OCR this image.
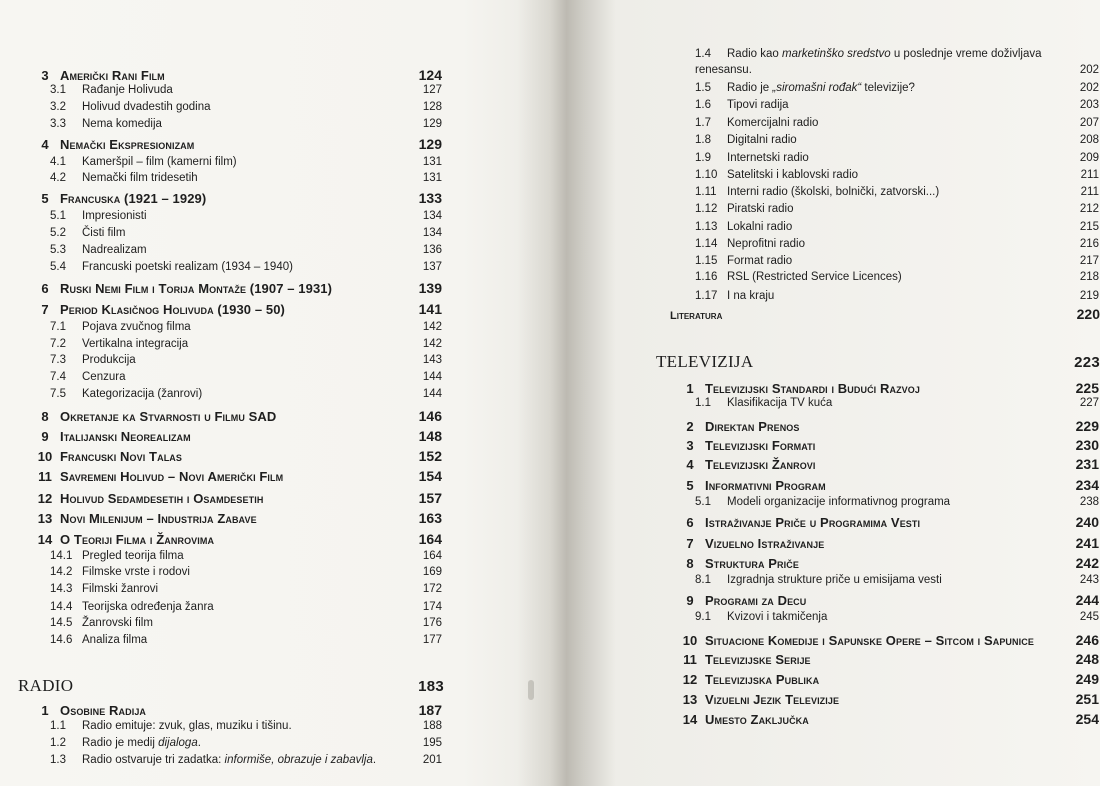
3 Američki Rani Film	124
3.1	Rađanje Holivuda	127
3.2	Holivud dvadestih godina	128
3.3	Nema komedija	129
4 Nemački Ekspresionizam	129
4.1	Kameršpil – film (kamerni film)	131
4.2	Nemački film tridesetih	131
5 Francuska (1921 – 1929)	133
5.1	Impresionisti	134
5.2	Čisti film	134
5.3	Nadrealizam	136
5.4	Francuski poetski realizam (1934 – 1940)	137
6 Ruski Nemi Film i Torija Montaže (1907 – 1931)	139
7 Period Klasičnog Holivuda (1930 – 50)	141
7.1	Pojava zvučnog filma	142
7.2	Vertikalna integracija	142
7.3	Produkcija	143
7.4	Cenzura	144
7.5	Kategorizacija (žanrovi)	144
8 Okretanje ka Stvarnosti u Filmu SAD	146
9 Italijanski Neorealizam	148
10 Francuski Novi Talas	152
11 Savremeni Holivud – Novi Američki Film	154
12 Holivud Sedamdesetih i Osamdesetih	157
13 Novi Milenijum – Industrija Zabave	163
14 O Teoriji Filma i Žanrovima	164
14.1 Pregled teorija filma	164
14.2 Filmske vrste i rodovi	169
14.3 Filmski žanrovi	172
14.4 Teorijska određenja žanra	174
14.5 Žanrovski film	176
14.6 Analiza filma	177
RADIO	183
1 Osobine Radija	187
1.1	Radio emituje: zvuk, glas, muziku i tišinu.	188
1.2	Radio je medij dijaloga.	195
1.3	Radio ostvaruje tri zadatka: informiše, obrazuje i zabavlja.	201
1.4	Radio kao marketinško sredstvo u poslednje vreme doživljava
renesansu.	202
1.5	Radio je „siromašni rođak“ televizije?	202
1.6	Tipovi radija	203
1.7	Komercijalni radio	207
1.8	Digitalni radio	208
1.9	Internetski radio	209
1.10 Satelitski i kablovski radio	211
1.11 Interni radio (školski, bolnički, zatvorski...)	211
1.12 Piratski radio	212
1.13 Lokalni radio	215
1.14 Neprofitni radio	216
1.15 Format radio	217
1.16 RSL (Restricted Service Licences)	218
1.17 I na kraju	219
Literatura	220
TELEVIZIJA	223
1 Televizijski Standardi i Budući Razvoj	225
1.1	Klasifikacija TV kuća	227
2 Direktan Prenos	229
3 Televizijski Formati	230
4 Televizijski Žanrovi	231
5 Informativni Program	234
5.1	Modeli organizacije informativnog programa	238
6 Istraživanje Priče u Programima Vesti	240
7 Vizuelno Istraživanje	241
8 Struktura Priče	242
8.1	Izgradnja strukture priče u emisijama vesti	243
9 Programi za Decu	244
9.1	Kvizovi i takmičenja	245
10 Situacione Komedije i Sapunske Opere – Sitcom i Sapunice	246
11 Televizijske Serije	248
12 Televizijska Publika	249
13 Vizuelni Jezik Televizije	251
14 Umesto Zaključka	254
